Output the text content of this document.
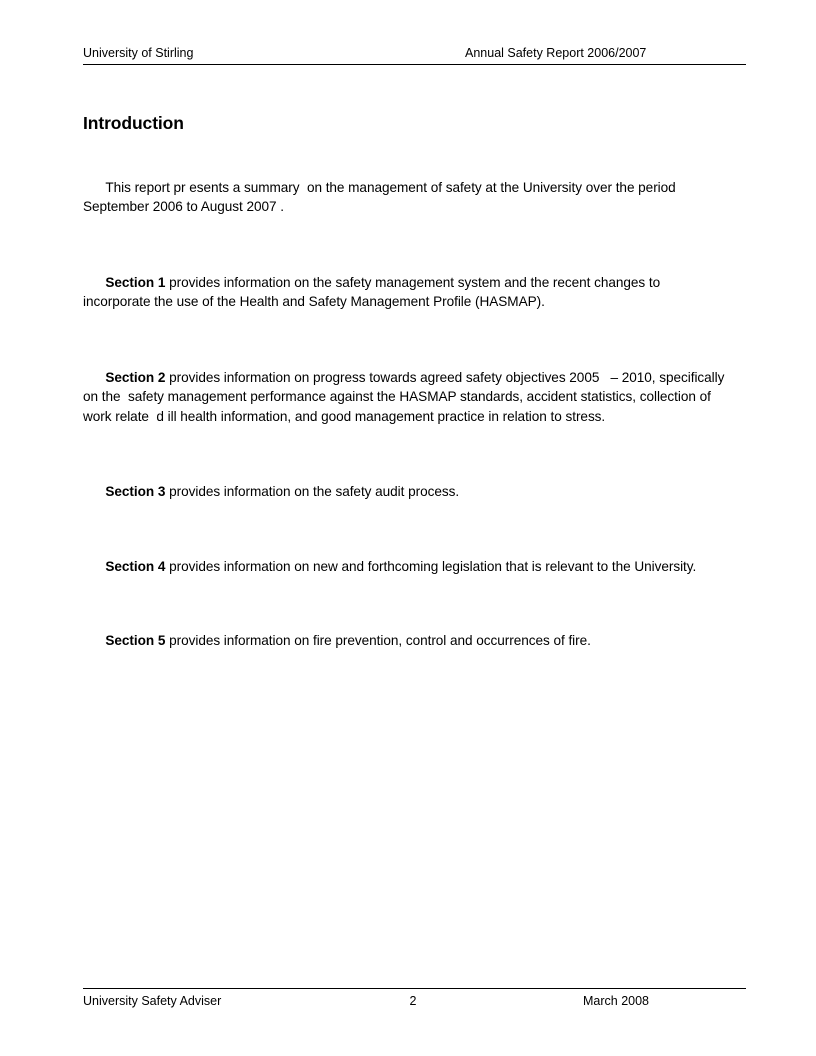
University of Stirling	Annual Safety Report 2006/2007
Introduction

This report pr esents a summary  on the management of safety at the University over the period September 2006 to August 2007 .

Section 1 provides information on the safety management system and the recent changes to incorporate the use of the Health and Safety Management Profile (HASMAP).

Section 2 provides information on progress towards agreed safety objectives 2005   – 2010, specifically on the  safety management performance against the HASMAP standards, accident statistics, collection of work relate  d ill health information, and good management practice in relation to stress.

Section 3 provides information on the safety audit process.

Section 4 provides information on new and forthcoming legislation that is relevant to the University.

Section 5 provides information on fire prevention, control and occurrences of fire.

University Safety Adviser	2	March 2008
